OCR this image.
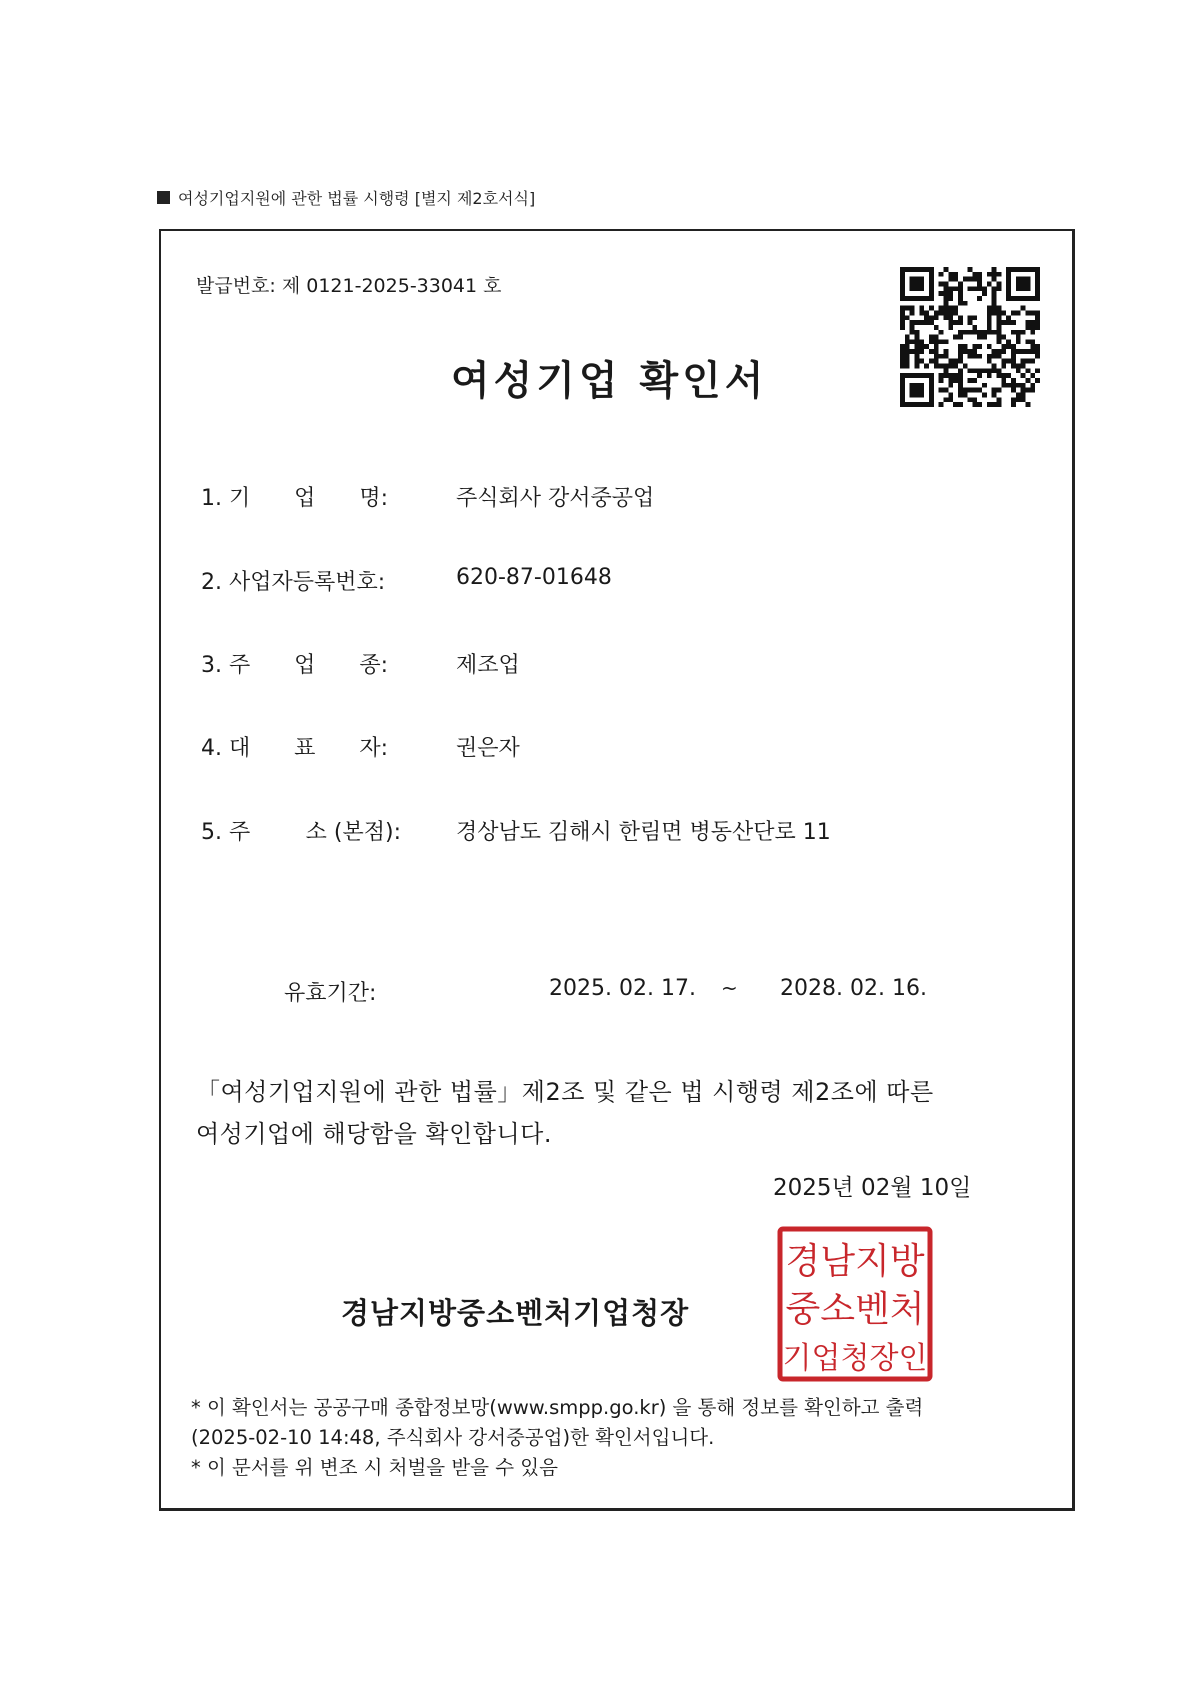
여성기업지원에 관한 법률 시행령 [별지 제2호서식]
발급번호: 제 0121-2025-33041 호
여성기업 확인서
1. 기 업 명:	주식회사 강서중공업
2. 사업자등록번호:	620-87-01648
3. 주 업 종:	제조업
4. 대 표 자:	권은자
5. 주	소 (본점):	경상남도 김해시 한림면 병동산단로 11
유효기간:	2025. 02. 17. ~ 2028. 02. 16.
「여성기업지원에 관한 법률」제2조 및 같은 법 시행령 제2조에 따른
여성기업에 해당함을 확인합니다.
2025년 02월 10일
경남지방중소벤처기업청장
경남지방
중소벤처
기업청장인
* 이 확인서는 공공구매 종합정보망(www.smpp.go.kr) 을 통해 정보를 확인하고 출력
(2025-02-10 14:48, 주식회사 강서중공업)한 확인서입니다.
* 이 문서를 위 변조 시 처벌을 받을 수 있음
